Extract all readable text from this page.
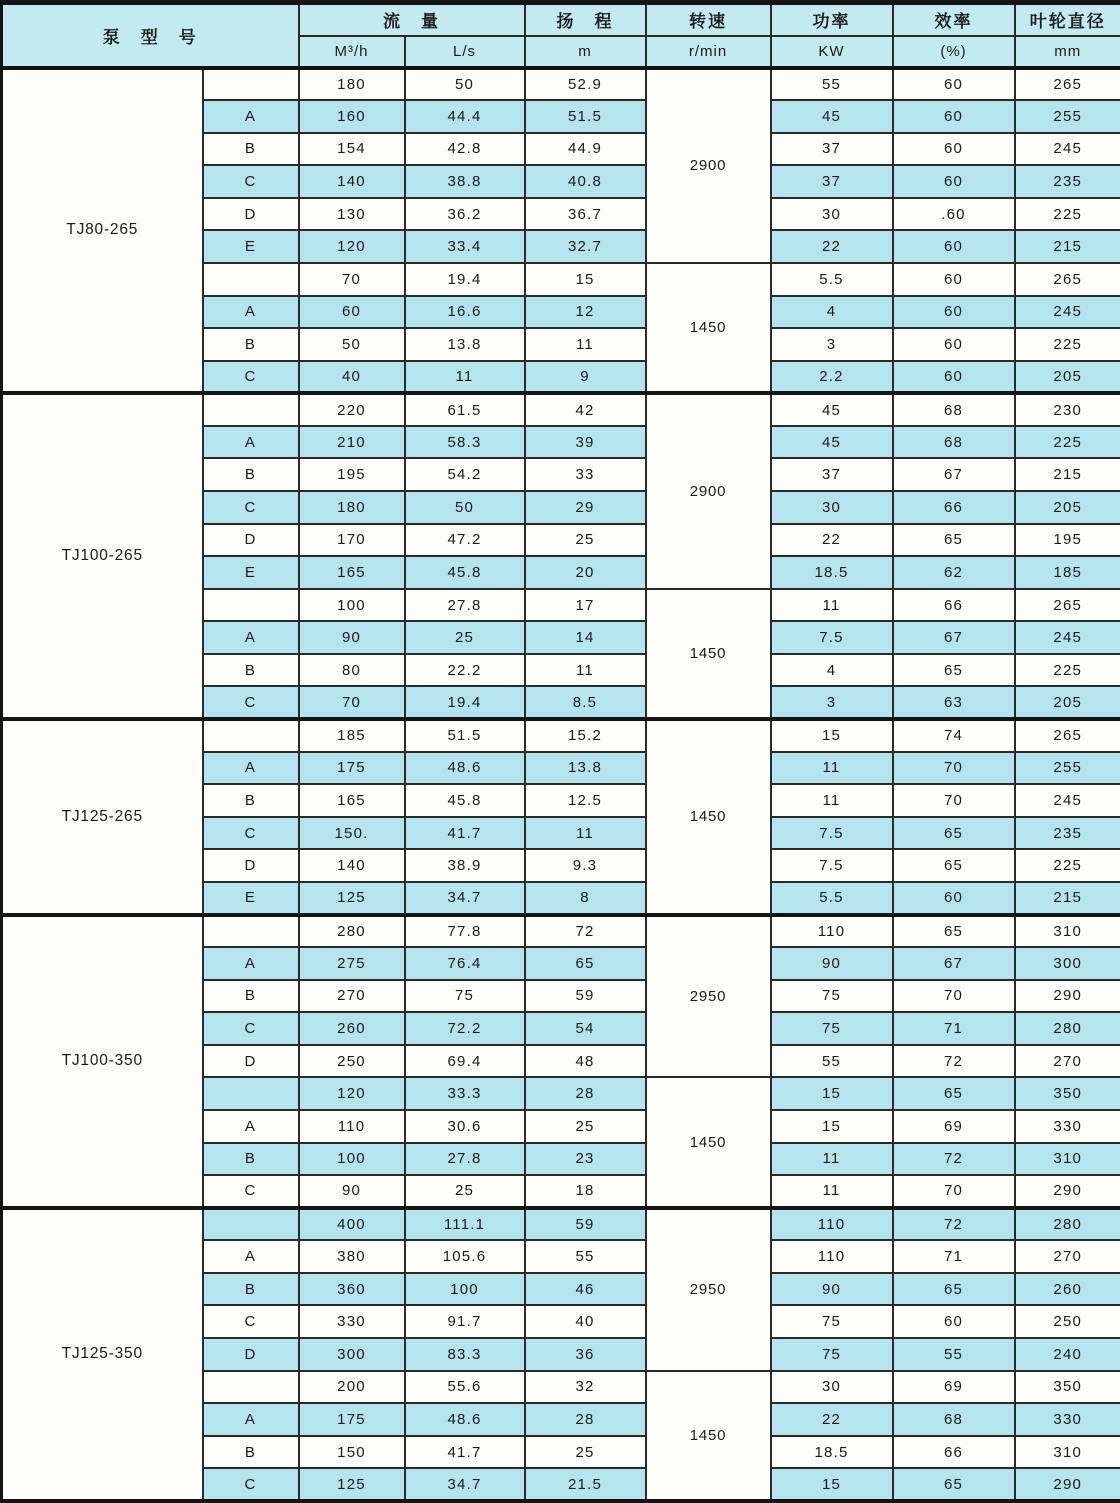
泵　型　号		流　量		扬　程	转速	功率	效率	叶轮直径
		M³/h	L/s	m	r/min	KW	(%)	mm
TJ80-265		180	50	52.9	2900	55	60	265
	A	160	44.4	51.5		45	60	255
	B	154	42.8	44.9		37	60	245
	C	140	38.8	40.8		37	60	235
	D	130	36.2	36.7		30	.60	225
	E	120	33.4	32.7		22	60	215
		70	19.4	15	1450	5.5	60	265
	A	60	16.6	12		4	60	245
	B	50	13.8	11		3	60	225
	C	40	11	9		2.2	60	205
TJ100-265		220	61.5	42	2900	45	68	230
	A	210	58.3	39		45	68	225
	B	195	54.2	33		37	67	215
	C	180	50	29		30	66	205
	D	170	47.2	25		22	65	195
	E	165	45.8	20		18.5	62	185
		100	27.8	17	1450	11	66	265
	A	90	25	14		7.5	67	245
	B	80	22.2	11		4	65	225
	C	70	19.4	8.5		3	63	205
TJ125-265		185	51.5	15.2	1450	15	74	265
	A	175	48.6	13.8		11	70	255
	B	165	45.8	12.5		11	70	245
	C	150.	41.7	11		7.5	65	235
	D	140	38.9	9.3		7.5	65	225
	E	125	34.7	8		5.5	60	215
TJ100-350		280	77.8	72	2950	110	65	310
	A	275	76.4	65		90	67	300
	B	270	75	59		75	70	290
	C	260	72.2	54		75	71	280
	D	250	69.4	48		55	72	270
		120	33.3	28	1450	15	65	350
	A	110	30.6	25		15	69	330
	B	100	27.8	23		11	72	310
	C	90	25	18		11	70	290
TJ125-350		400	111.1	59	2950	110	72	280
	A	380	105.6	55		110	71	270
	B	360	100	46		90	65	260
	C	330	91.7	40		75	60	250
	D	300	83.3	36		75	55	240
		200	55.6	32	1450	30	69	350
	A	175	48.6	28		22	68	330
	B	150	41.7	25		18.5	66	310
	C	125	34.7	21.5		15	65	290
